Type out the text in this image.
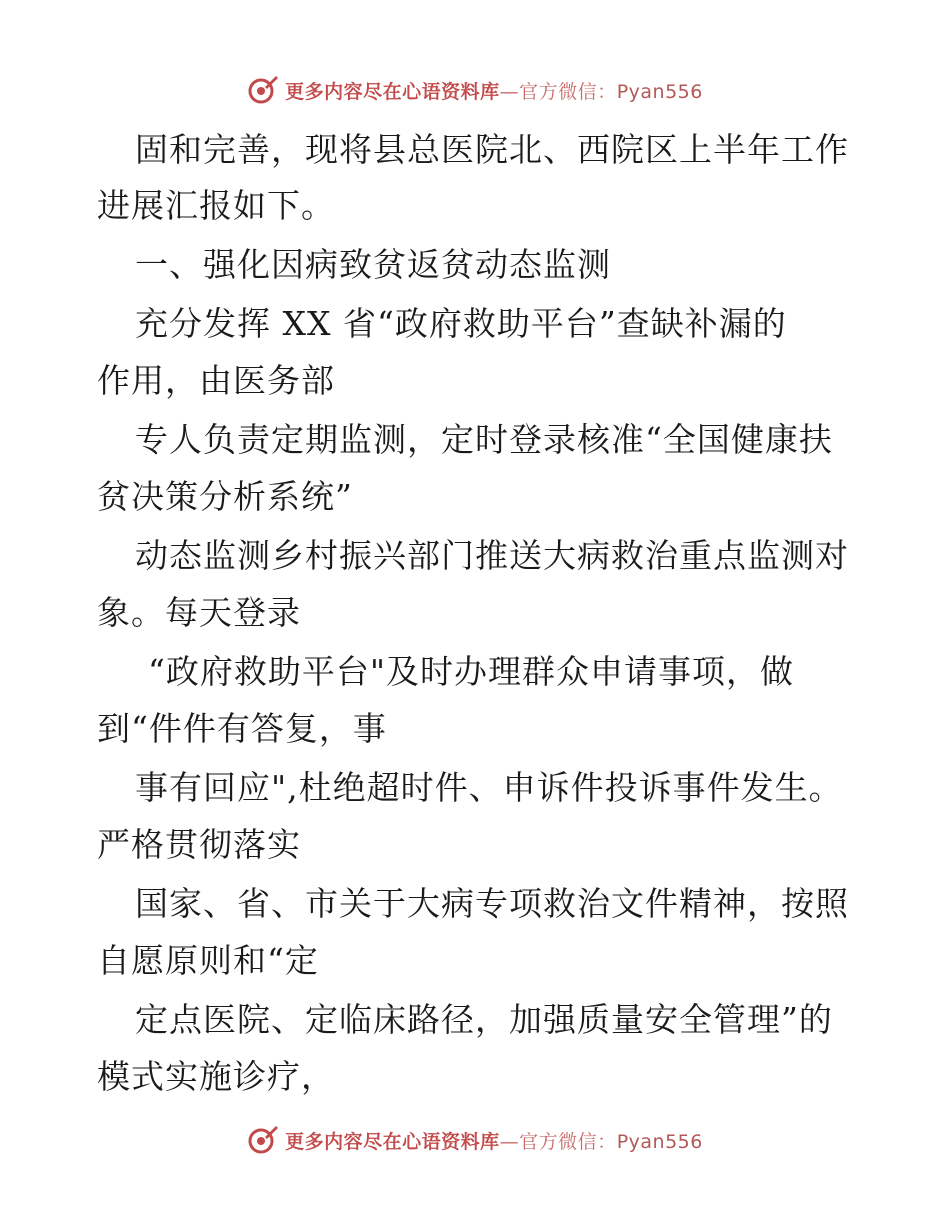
更多内容尽在心语资料库—官方微信：Pyan556
固和完善，现将县总医院北、西院区上半年工作
进展汇报如下。
一、强化因病致贫返贫动态监测
充分发挥 XX 省“政府救助平台”查缺补漏的
作用，由医务部
专人负责定期监测，定时登录核准“全国健康扶
贫决策分析系统”
动态监测乡村振兴部门推送大病救治重点监测对
象。每天登录
“政府救助平台"及时办理群众申请事项，做
到“件件有答复，事
事有回应",杜绝超时件、申诉件投诉事件发生。
严格贯彻落实
国家、省、市关于大病专项救治文件精神，按照
自愿原则和“定
定点医院、定临床路径，加强质量安全管理”的
模式实施诊疗，
更多内容尽在心语资料库—官方微信：Pyan556
